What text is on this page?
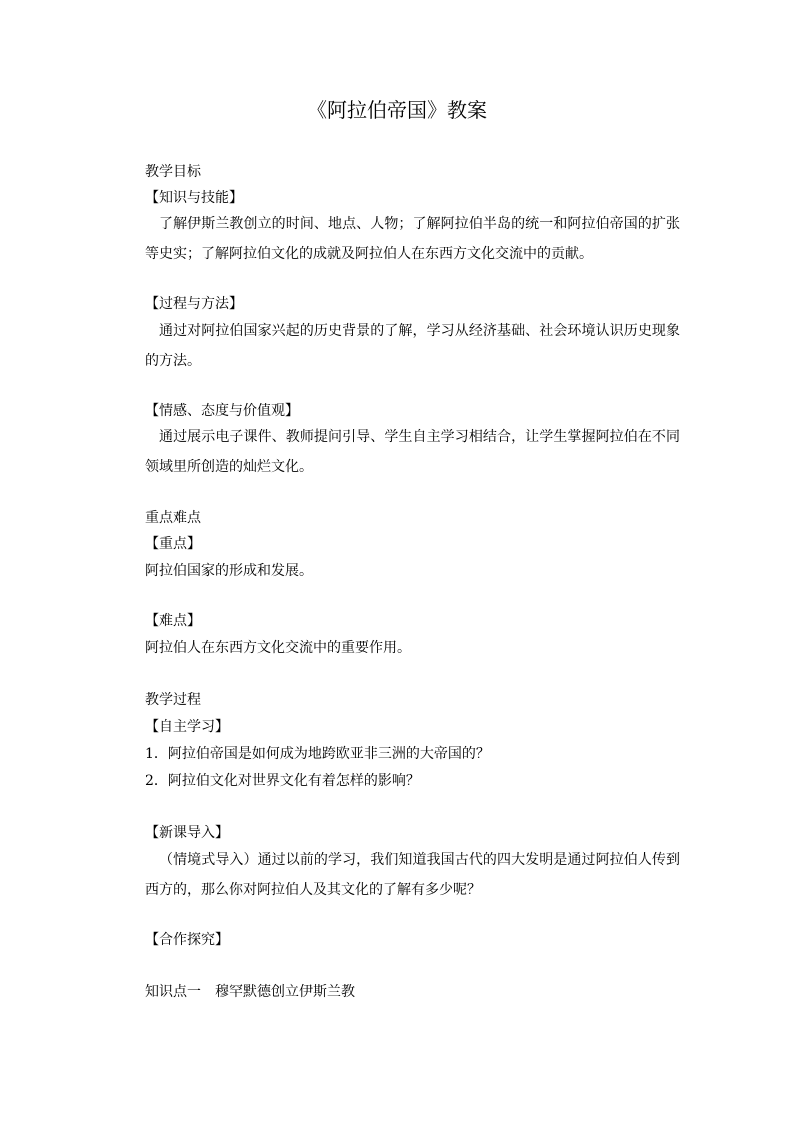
《阿拉伯帝国》教案
教学目标
【知识与技能】
了解伊斯兰教创立的时间、地点、人物；了解阿拉伯半岛的统一和阿拉伯帝国的扩张等史实；了解阿拉伯文化的成就及阿拉伯人在东西方文化交流中的贡献。
【过程与方法】
通过对阿拉伯国家兴起的历史背景的了解，学习从经济基础、社会环境认识历史现象的方法。
【情感、态度与价值观】
通过展示电子课件、教师提问引导、学生自主学习相结合，让学生掌握阿拉伯在不同领域里所创造的灿烂文化。
重点难点
【重点】
阿拉伯国家的形成和发展。
【难点】
阿拉伯人在东西方文化交流中的重要作用。
教学过程
【自主学习】
1．阿拉伯帝国是如何成为地跨欧亚非三洲的大帝国的？
2．阿拉伯文化对世界文化有着怎样的影响？
【新课导入】
（情境式导入）通过以前的学习，我们知道我国古代的四大发明是通过阿拉伯人传到西方的，那么你对阿拉伯人及其文化的了解有多少呢？
【合作探究】
知识点一　穆罕默德创立伊斯兰教
